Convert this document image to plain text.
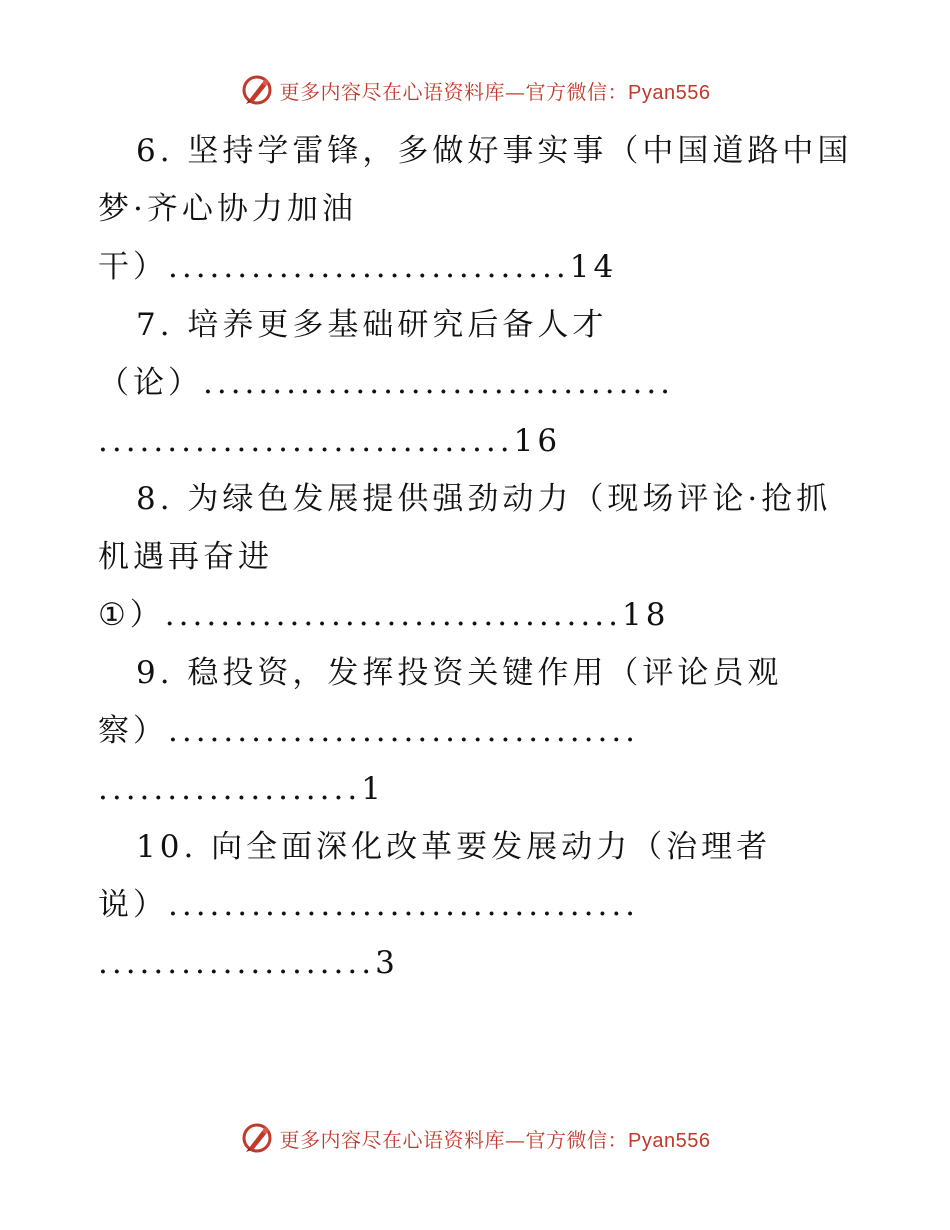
更多内容尽在心语资料库—官方微信：Pyan556
6. 坚持学雷锋，多做好事实事（中国道路中国
梦·齐心协力加油
干）.............................14
7. 培养更多基础研究后备人才
（论）..................................
..............................16
8. 为绿色发展提供强劲动力（现场评论·抢抓
机遇再奋进
①）.................................18
9. 稳投资，发挥投资关键作用（评论员观
察）..................................
...................1
10. 向全面深化改革要发展动力（治理者
说）..................................
....................3
更多内容尽在心语资料库—官方微信：Pyan556
